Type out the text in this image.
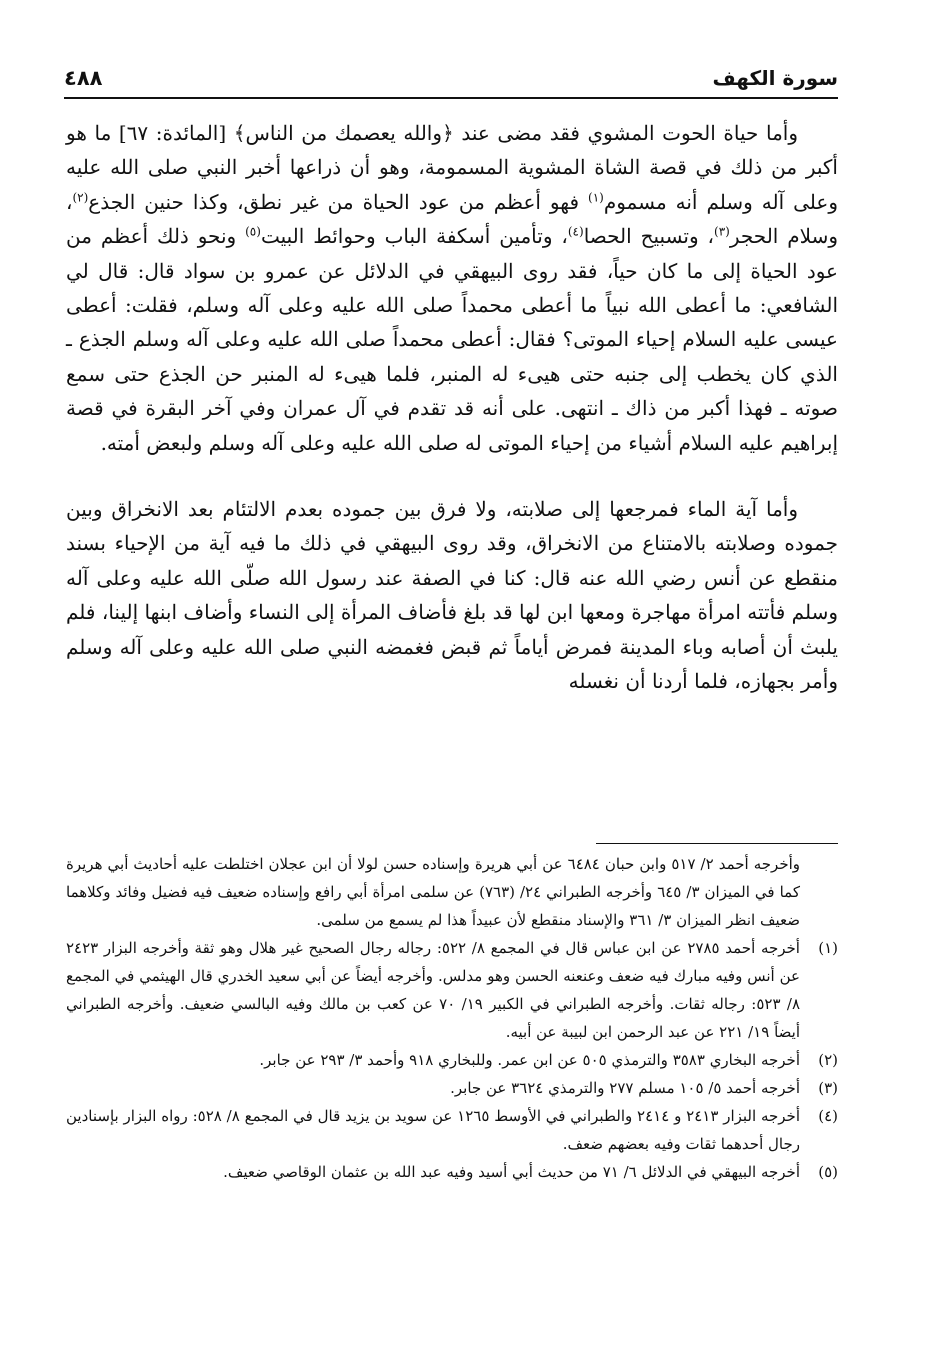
٤٨٨	سورة الكهف

وأما حياة الحوت المشوي فقد مضى عند ﴿والله يعصمك من الناس﴾ [المائدة: ٦٧] ما هو أكبر من ذلك في قصة الشاة المشوية المسمومة، وهو أن ذراعها أخبر النبي صلى الله عليه وعلى آله وسلم أنه مسموم$^{(١)}$ فهو أعظم من عود الحياة من غير نطق، وكذا حنين الجذع$^{(٢)}$، وسلام الحجر$^{(٣)}$، وتسبيح الحصا$^{(٤)}$، وتأمين أسكفة الباب وحوائط البيت$^{(٥)}$ ونحو ذلك أعظم من عود الحياة إلى ما كان حياً، فقد روى البيهقي في الدلائل عن عمرو بن سواد قال: قال لي الشافعي: ما أعطى الله نبياً ما أعطى محمداً صلى الله عليه وعلى آله وسلم، فقلت: أعطى عيسى عليه السلام إحياء الموتى؟ فقال: أعطى محمداً صلى الله عليه وعلى آله وسلم الجذع ـ الذي كان يخطب إلى جنبه حتى هيىء له المنبر، فلما هيىء له المنبر حن الجذع حتى سمع صوته ـ فهذا أكبر من ذاك ـ انتهى. على أنه قد تقدم في آل عمران وفي آخر البقرة في قصة إبراهيم عليه السلام أشياء من إحياء الموتى له صلى الله عليه وعلى آله وسلم ولبعض أمته.

وأما آية الماء فمرجعها إلى صلابته، ولا فرق بين جموده بعدم الالتئام بعد الانخراق وبين جموده وصلابته بالامتناع من الانخراق، وقد روى البيهقي في ذلك ما فيه آية من الإحياء بسند منقطع عن أنس رضي الله عنه قال: كنا في الصفة عند رسول الله صلّى الله عليه وعلى آله وسلم فأتته امرأة مهاجرة ومعها ابن لها قد بلغ فأضاف المرأة إلى النساء وأضاف ابنها إلينا، فلم يلبث أن أصابه وباء المدينة فمرض أياماً ثم قبض فغمضه النبي صلى الله عليه وعلى آله وسلم وأمر بجهازه، فلما أردنا أن نغسله

وأخرجه أحمد ٢/ ٥١٧ وابن حبان ٦٤٨٤ عن أبي هريرة وإسناده حسن لولا أن ابن عجلان اختلطت عليه أحاديث أبي هريرة كما في الميزان ٣/ ٦٤٥ وأخرجه الطبراني ٢٤/ (٧٦٣) عن سلمى امرأة أبي رافع وإسناده ضعيف فيه فضيل وفائد وكلاهما ضعيف انظر الميزان ٣/ ٣٦١ والإسناد منقطع لأن عبيداً هذا لم يسمع من سلمى.

(١)
أخرجه أحمد ٢٧٨٥ عن ابن عباس قال في المجمع ٨/ ٥٢٢: رجاله رجال الصحيح غير هلال وهو ثقة وأخرجه البزار ٢٤٢٣ عن أنس وفيه مبارك فيه ضعف وعنعنه الحسن وهو مدلس. وأخرجه أيضاً عن أبي سعيد الخدري قال الهيثمي في المجمع ٨/ ٥٢٣: رجاله ثقات. وأخرجه الطبراني في الكبير ١٩/ ٧٠ عن كعب بن مالك وفيه البالسي ضعيف. وأخرجه الطبراني أيضاً ١٩/ ٢٢١ عن عبد الرحمن ابن لبيبة عن أبيه.
(٢)
أخرجه البخاري ٣٥٨٣ والترمذي ٥٠٥ عن ابن عمر. وللبخاري ٩١٨ وأحمد ٣/ ٢٩٣ عن جابر.
(٣)
أخرجه أحمد ٥/ ١٠٥ مسلم ٢٧٧ والترمذي ٣٦٢٤ عن جابر.
(٤)
أخرجه البزار ٢٤١٣ و ٢٤١٤ والطبراني في الأوسط ١٢٦٥ عن سويد بن يزيد قال في المجمع ٨/ ٥٢٨: رواه البزار بإسنادين رجال أحدهما ثقات وفيه بعضهم ضعف.
(٥)
أخرجه البيهقي في الدلائل ٦/ ٧١ من حديث أبي أسيد وفيه عبد الله بن عثمان الوقاصي ضعيف.
